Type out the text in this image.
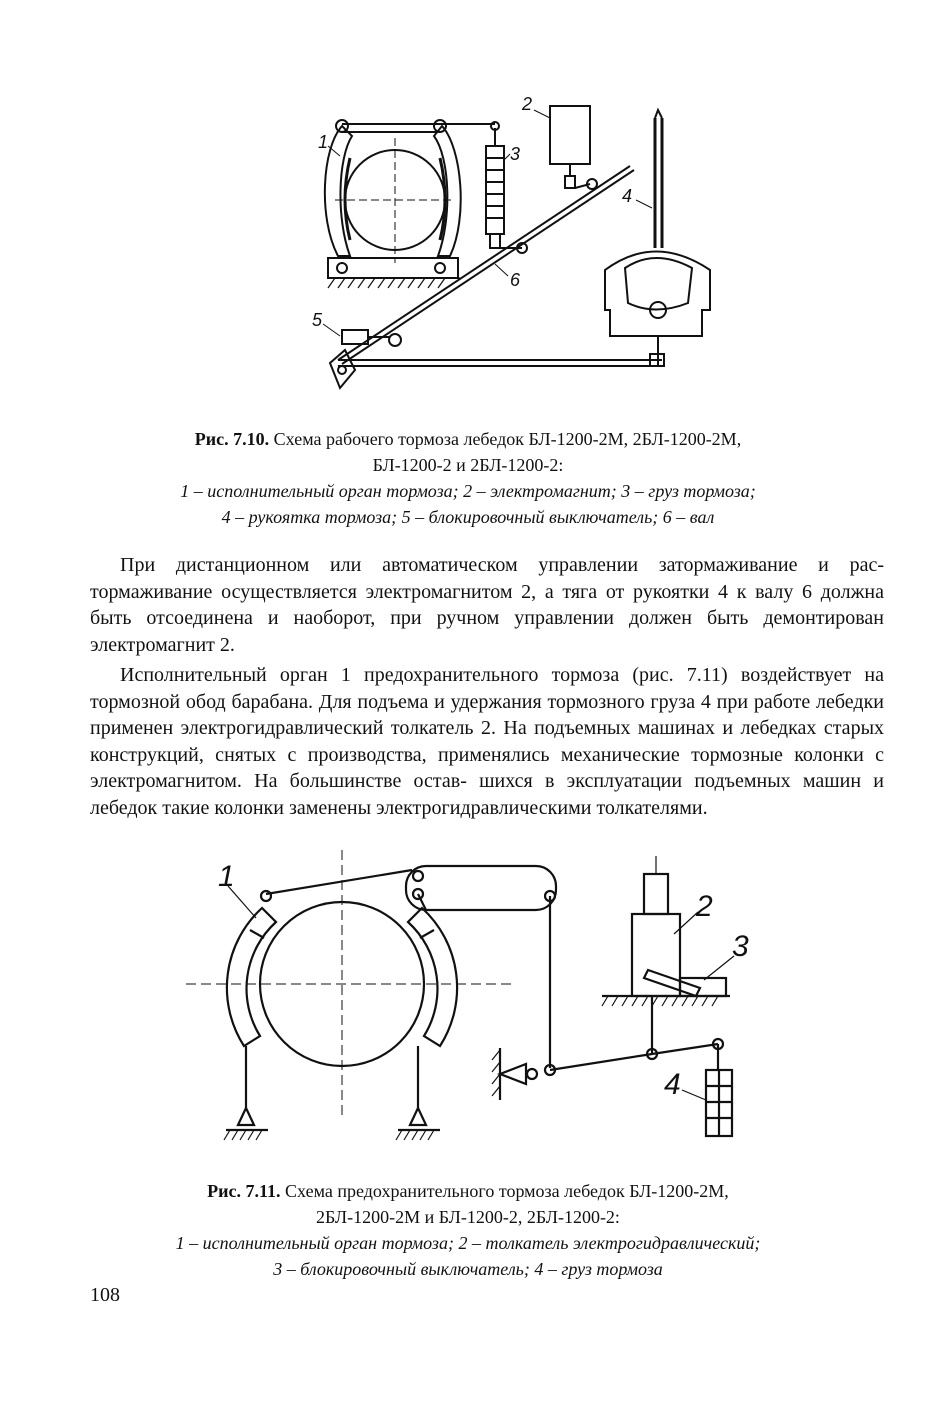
1
2
3
4
5
6
Рис. 7.10. Схема рабочего тормоза лебедок БЛ-1200-2М, 2БЛ-1200-2М,
БЛ-1200-2 и 2БЛ-1200-2:
1 – исполнительный орган тормоза; 2 – электромагнит; 3 – груз тормоза;
4 – рукоятка тормоза; 5 – блокировочный выключатель; 6 – вал

При дистанционном или автоматическом управлении затормаживание и рас- тормаживание осуществляется электромагнитом 2, а тяга от рукоятки 4 к валу 6 должна быть отсоединена и наоборот, при ручном управлении должен быть демонтирован электромагнит 2.

Исполнительный орган 1 предохранительного тормоза (рис. 7.11) воздействует на тормозной обод барабана. Для подъема и удержания тормозного груза 4 при работе лебедки применен электрогидравлический толкатель 2. На подъемных машинах и лебедках старых конструкций, снятых с производства, применялись механические тормозные колонки с электромагнитом. На большинстве остав- шихся в эксплуатации подъемных машин и лебедок такие колонки заменены электрогидравлическими толкателями.

1
2
3
4
Рис. 7.11. Схема предохранительного тормоза лебедок БЛ-1200-2М,
2БЛ-1200-2М и БЛ-1200-2, 2БЛ-1200-2:
1 – исполнительный орган тормоза; 2 – толкатель электрогидравлический;
3 – блокировочный выключатель; 4 – груз тормоза
108
